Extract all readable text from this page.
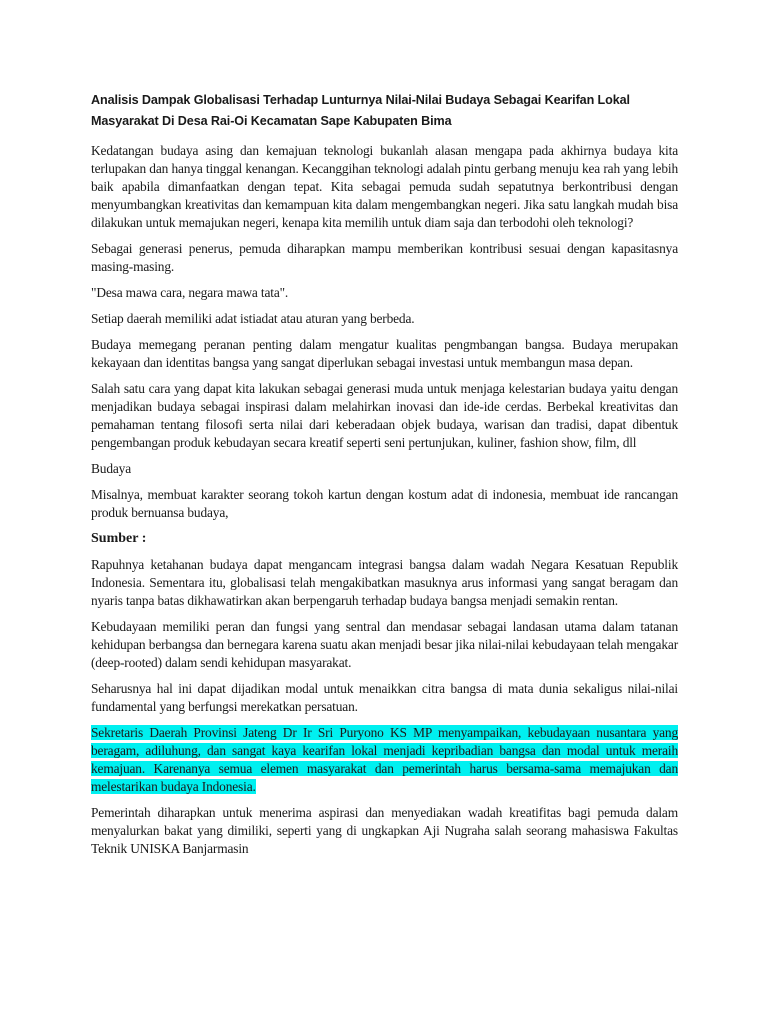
Analisis Dampak Globalisasi Terhadap Lunturnya Nilai-Nilai Budaya Sebagai Kearifan Lokal Masyarakat Di Desa Rai-Oi Kecamatan Sape Kabupaten Bima

Kedatangan budaya asing dan kemajuan teknologi bukanlah alasan mengapa pada akhirnya budaya kita terlupakan dan hanya tinggal kenangan. Kecanggihan teknologi adalah pintu gerbang menuju kea rah yang lebih baik apabila dimanfaatkan dengan tepat. Kita sebagai pemuda sudah sepatutnya berkontribusi dengan menyumbangkan kreativitas dan kemampuan kita dalam mengembangkan negeri. Jika satu langkah mudah bisa dilakukan untuk memajukan negeri, kenapa kita memilih untuk diam saja dan terbodohi oleh teknologi?

Sebagai generasi penerus, pemuda diharapkan mampu memberikan kontribusi sesuai dengan kapasitasnya masing-masing.

"Desa mawa cara, negara mawa tata".

Setiap daerah memiliki adat istiadat atau aturan yang berbeda.

Budaya memegang peranan penting dalam mengatur kualitas pengmbangan bangsa. Budaya merupakan kekayaan dan identitas bangsa yang sangat diperlukan sebagai investasi untuk membangun masa depan.

Salah satu cara yang dapat kita lakukan sebagai generasi muda untuk menjaga kelestarian budaya yaitu dengan menjadikan budaya sebagai inspirasi dalam melahirkan inovasi dan ide-ide cerdas. Berbekal kreativitas dan pemahaman tentang filosofi serta nilai dari keberadaan objek budaya, warisan dan tradisi, dapat dibentuk pengembangan produk kebudayan secara kreatif seperti seni pertunjukan, kuliner, fashion show, film, dll

Budaya

Misalnya, membuat karakter seorang tokoh kartun dengan kostum adat di indonesia, membuat ide rancangan produk bernuansa budaya,

Sumber :

Rapuhnya ketahanan budaya dapat mengancam integrasi bangsa dalam wadah Negara Kesatuan Republik Indonesia. Sementara itu, globalisasi telah mengakibatkan masuknya arus informasi yang sangat beragam dan nyaris tanpa batas dikhawatirkan akan berpengaruh terhadap budaya bangsa menjadi semakin rentan.

Kebudayaan memiliki peran dan fungsi yang sentral dan mendasar sebagai landasan utama dalam tatanan kehidupan berbangsa dan bernegara karena suatu akan menjadi besar jika nilai-nilai kebudayaan telah mengakar (deep-rooted) dalam sendi kehidupan masyarakat.

Seharusnya hal ini dapat dijadikan modal untuk menaikkan citra bangsa di mata dunia sekaligus nilai-nilai fundamental yang berfungsi merekatkan persatuan.

Sekretaris Daerah Provinsi Jateng Dr Ir Sri Puryono KS MP menyampaikan, kebudayaan nusantara yang beragam, adiluhung, dan sangat kaya kearifan lokal menjadi kepribadian bangsa dan modal untuk meraih kemajuan. Karenanya semua elemen masyarakat dan pemerintah harus bersama-sama memajukan dan melestarikan budaya Indonesia.

Pemerintah diharapkan untuk menerima aspirasi dan menyediakan wadah kreatifitas bagi pemuda dalam menyalurkan bakat yang dimiliki, seperti yang di ungkapkan Aji Nugraha salah seorang mahasiswa Fakultas Teknik UNISKA Banjarmasin
